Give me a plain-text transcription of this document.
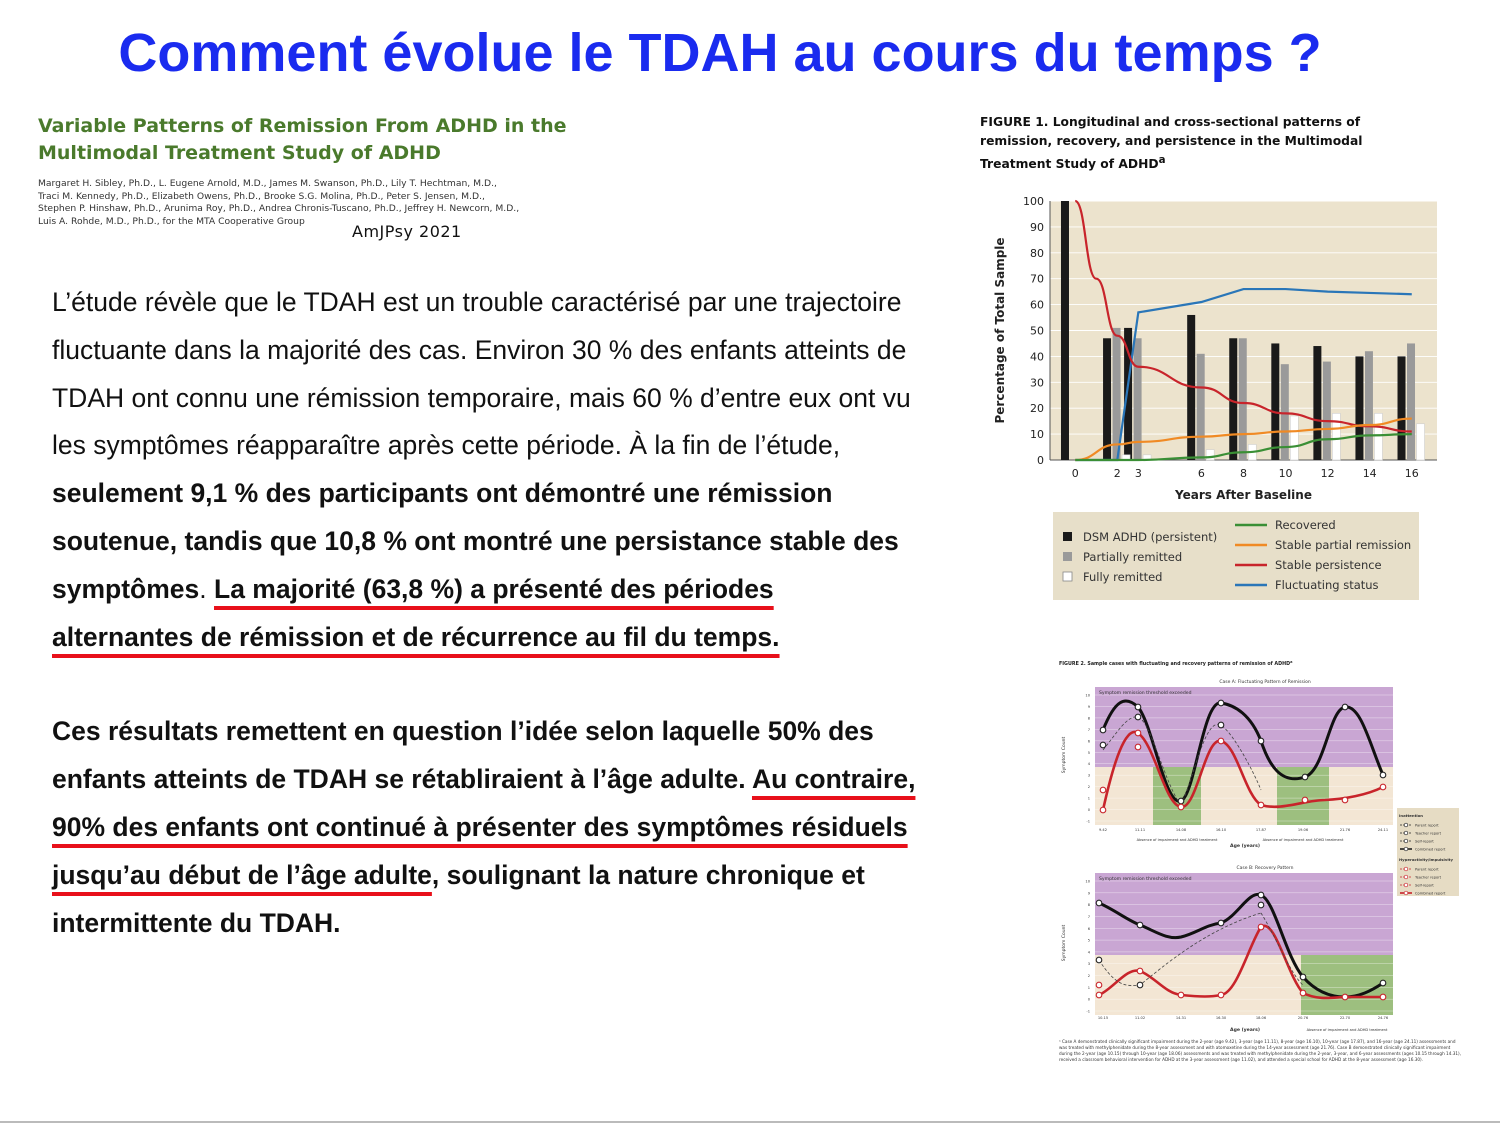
Comment évolue le TDAH au cours du temps ?
Variable Patterns of Remission From ADHD in the
Multimodal Treatment Study of ADHD
Margaret H. Sibley, Ph.D., L. Eugene Arnold, M.D., James M. Swanson, Ph.D., Lily T. Hechtman, M.D.,
Traci M. Kennedy, Ph.D., Elizabeth Owens, Ph.D., Brooke S.G. Molina, Ph.D., Peter S. Jensen, M.D.,
Stephen P. Hinshaw, Ph.D., Arunima Roy, Ph.D., Andrea Chronis-Tuscano, Ph.D., Jeffrey H. Newcorn, M.D.,
Luis A. Rohde, M.D., Ph.D., for the MTA Cooperative Group
AmJPsy 2021

L’étude révèle que le TDAH est un trouble caractérisé par une trajectoire fluctuante dans la majorité des cas. Environ 30 % des enfants atteints de TDAH ont connu une rémission temporaire, mais 60 % d’entre eux ont vu les symptômes réapparaître après cette période. À la fin de l’étude, seulement 9,1 % des participants ont démontré une rémission soutenue, tandis que 10,8 % ont montré une persistance stable des symptômes. La majorité (63,8 %) a présenté des périodes alternantes de rémission et de récurrence au fil du temps.

Ces résultats remettent en question l’idée selon laquelle 50% des enfants atteints de TDAH se rétabliraient à l’âge adulte. Au contraire, 90% des enfants ont continué à présenter des symptômes résiduels jusqu’au début de l’âge adulte, soulignant la nature chronique et intermittente du TDAH.

FIGURE 1. Longitudinal and cross-sectional patterns of remission, recovery, and persistence in the Multimodal Treatment Study of ADHD$^a$
0
10
20
30
40
50
60
70
80
90
100
0	2 3	6	8	10	12	14	16
Years After Baseline
Percentage of Total Sample
DSM ADHD (persistent)
Partially remitted
Fully remitted
Recovered
Stable partial remission
Stable persistence
Fluctuating status
FIGURE 2. Sample cases with fluctuating and recovery patterns of remission of ADHD$^a$
Case A: Fluctuating Pattern of Remission
Symptom remission threshold exceeded
10
9
8
7
6
5
4
3
2
1
0
-1
Symptom Count
9.42	11.11	14.08	16.10	17.87	19.06	21.76	24.11
Absence of impairment and ADHD treatment	Absence of impairment and ADHD treatment
Age (years)
Inattention
Parent report
Teacher report
Self-report
Combined report
Hyperactivity/Impulsivity
Parent report
Teacher report
Self-report
Combined report
Case B: Recovery Pattern
Symptom remission threshold exceeded
10
9
8
7
6
5
4
3
2
1
0
-1
Symptom Count
10.15	11.02	14.31	16.30	18.06	20.76	22.70	24.76
Absence of impairment and ADHD treatment
Age (years)
ᵃ Case A demonstrated clinically significant impairment during the 2-year (age 9.42), 3-year (age 11.11), 8-year (age 16.10), 10-year (age 17.87), and 16-year (age 24.11) assessments and was treated with methylphenidate during the 8-year assessment and with atomoxetine during the 14-year assessment (age 21.76). Case B demonstrated clinically significant impairment during the 2-year (age 10.15) through 10-year (age 18.06) assessments and was treated with methylphenidate during the 2-year, 3-year, and 6-year assessments (ages 10.15 through 14.31), received a classroom behavioral intervention for ADHD at the 3-year assessment (age 11.02), and attended a special school for ADHD at the 8-year assessment (age 16.30).
